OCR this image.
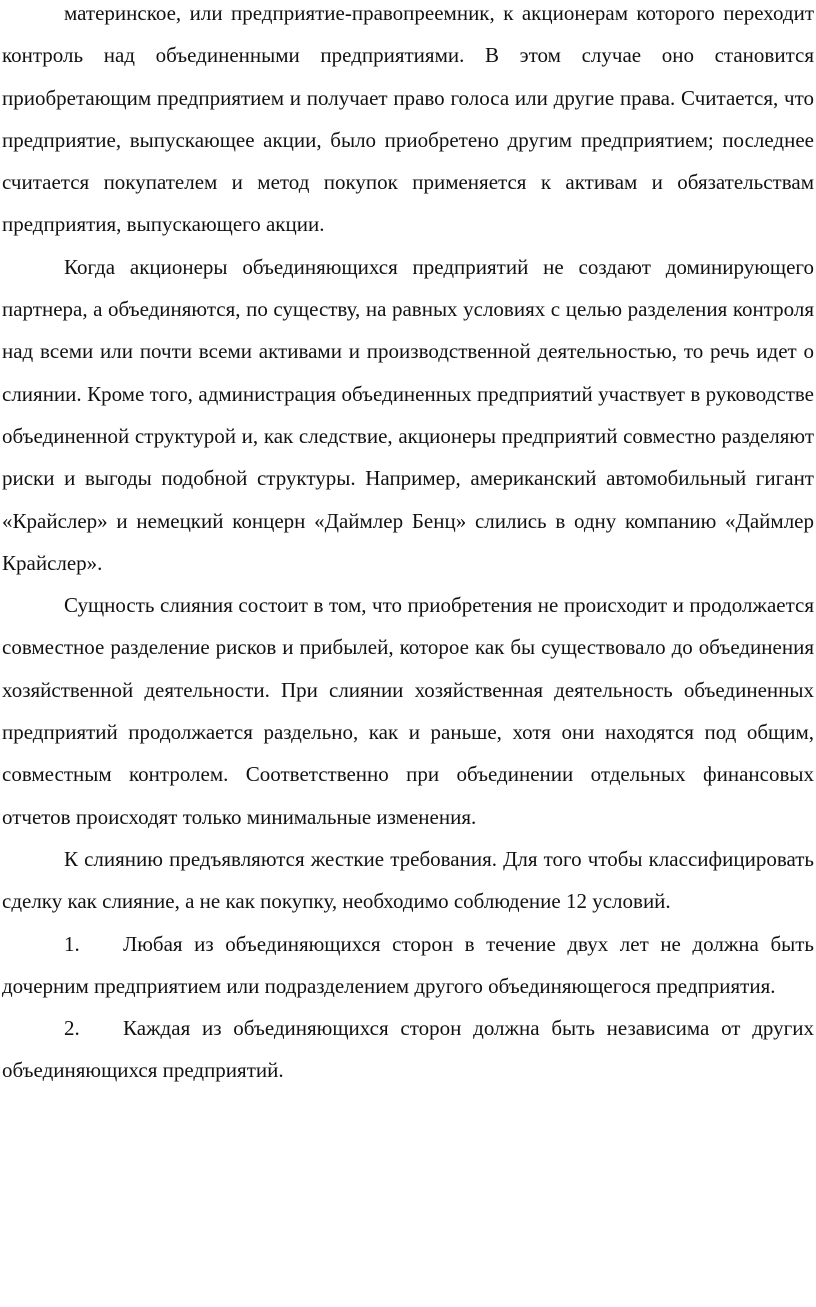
материнское, или предприятие-правопреемник, к акционерам которого переходит контроль над объединенными предприятиями. В этом случае оно становится приобретающим предприятием и получает право голоса или другие права. Считается, что предприятие, выпускающее акции, было приобретено другим предприятием; последнее считается покупателем и метод покупок применяется к активам и обязательствам предприятия, выпускающего акции.

Когда акционеры объединяющихся предприятий не создают доминирующего партнера, а объединяются, по существу, на равных условиях с целью разделения контроля над всеми или почти всеми активами и производственной деятельностью, то речь идет о слиянии. Кроме того, администрация объединенных предприятий участвует в руководстве объединенной структурой и, как следствие, акционеры предприятий совместно разделяют риски и выгоды подобной структуры. Например, американский автомобильный гигант «Крайслер» и немецкий концерн «Даймлер Бенц» слились в одну компанию «Даймлер Крайслер».

Сущность слияния состоит в том, что приобретения не происходит и продолжается совместное разделение рисков и прибылей, которое как бы существовало до объединения хозяйственной деятельности. При слиянии хозяйственная деятельность объединенных предприятий продолжается раздельно, как и раньше, хотя они находятся под общим, совместным контролем. Соответственно при объединении отдельных финансовых отчетов происходят только минимальные изменения.

К слиянию предъявляются жесткие требования. Для того чтобы классифицировать сделку как слияние, а не как покупку, необходимо соблюдение 12 условий.

1. Любая из объединяющихся сторон в течение двух лет не должна быть дочерним предприятием или подразделением другого объединяющегося предприятия.

2. Каждая из объединяющихся сторон должна быть независима от других объединяющихся предприятий.
